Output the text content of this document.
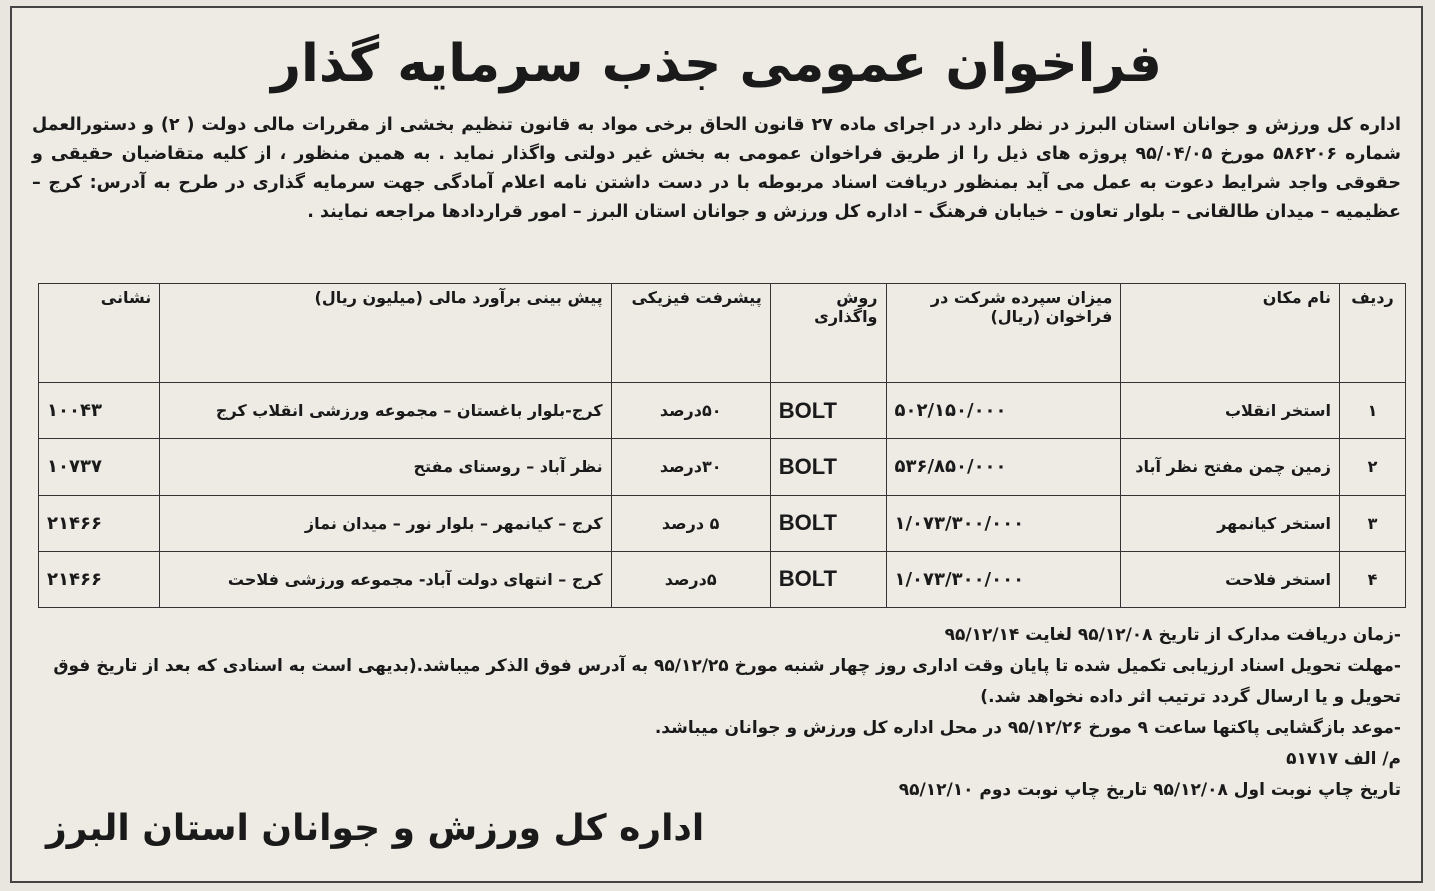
فراخوان عمومی جذب سرمایه گذار
اداره کل ورزش و جوانان استان البرز در نظر دارد در اجرای ماده ۲۷ قانون الحاق برخی مواد به قانون تنظیم بخشی از مقررات مالی دولت ( ۲) و دستورالعمل شماره ۵۸۶۲۰۶ مورخ ۹۵/۰۴/۰۵ پروژه های ذیل را از طریق فراخوان عمومی به بخش غیر دولتی واگذار نماید . به همین منظور ، از کلیه متقاضیان حقیقی و حقوقی واجد شرایط دعوت به عمل می آید بمنظور دریافت اسناد مربوطه با در دست داشتن نامه اعلام آمادگی جهت سرمایه گذاری در طرح به آدرس: کرج – عظیمیه – میدان طالقانی – بلوار تعاون – خیابان فرهنگ – اداره کل ورزش و جوانان استان البرز – امور قراردادها مراجعه نمایند .
ردیف	نام مکان	میزان سپرده شرکت در فراخوان (ریال)	روش واگذاری	پیشرفت فیزیکی	پیش بینی برآورد مالی (میلیون ریال)	نشانی
۱	استخر انقلاب	۵۰۲/۱۵۰/۰۰۰	BOLT	۵۰درصد	کرج-بلوار باغستان – مجموعه ورزشی انقلاب کرج	۱۰۰۴۳
۲	زمین چمن مفتح نظر آباد	۵۳۶/۸۵۰/۰۰۰	BOLT	۳۰درصد	نظر آباد – روستای مفتح	۱۰۷۳۷
۳	استخر کیانمهر	۱/۰۷۳/۳۰۰/۰۰۰	BOLT	۵ درصد	کرج – کیانمهر – بلوار نور – میدان نماز	۲۱۴۶۶
۴	استخر فلاحت	۱/۰۷۳/۳۰۰/۰۰۰	BOLT	۵درصد	کرج – انتهای دولت آباد- مجموعه ورزشی فلاحت	۲۱۴۶۶

-زمان دریافت مدارک از تاریخ ۹۵/۱۲/۰۸ لغایت ۹۵/۱۲/۱۴

-مهلت تحویل اسناد ارزیابی تکمیل شده تا پایان وقت اداری روز چهار شنبه مورخ ۹۵/۱۲/۲۵ به آدرس فوق الذکر میباشد.(بدیهی است به اسنادی که بعد از تاریخ فوق تحویل و یا ارسال گردد ترتیب اثر داده نخواهد شد.)

-موعد بازگشایی پاکتها ساعت ۹ مورخ ۹۵/۱۲/۲۶ در محل اداره کل ورزش و جوانان میباشد.

م/ الف ۵۱۷۱۷

تاریخ چاپ نوبت اول ۹۵/۱۲/۰۸ تاریخ چاپ نوبت دوم ۹۵/۱۲/۱۰

اداره کل ورزش و جوانان استان البرز
